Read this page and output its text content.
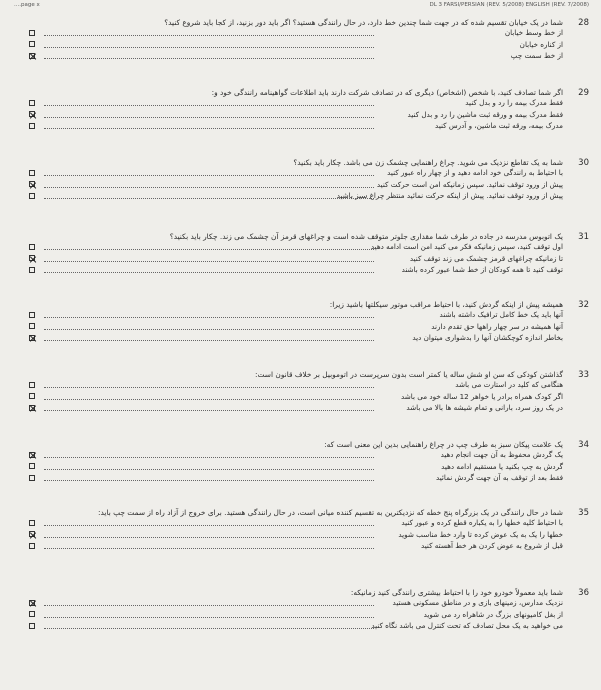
....page x	DL 3 FARSI/PERSIAN (REV. 5/2008) ENGLISH (REV. 7/2008)
28
شما در یک خیابان تقسیم شده که در جهت شما چندین خط دارد، در حال رانندگی هستید؟ اگر باید دور بزنید، از کجا باید شروع کنید؟
از خط وسط خیابان
از کناره خیابان
از خط سمت چپ
29
اگر شما تصادف کنید، با شخص (اشخاص) دیگری که در تصادف شرکت دارند باید اطلاعات گواهینامه رانندگی خود و:
فقط مدرک بیمه را رد و بدل کنید
فقط مدرک بیمه و ورقه ثبت ماشین را رد و بدل کنید
مدرک بیمه، ورقه ثبت ماشین، و آدرس کنید
30
شما به یک تقاطع نزدیک می شوید. چراغ راهنمایی چشمک زن می باشد. چکار باید بکنید؟
با احتیاط به رانندگی خود ادامه دهید و از چهار راه عبور کنید
پیش از ورود توقف نمائید. سپس زمانیکه امن است حرکت کنید
پیش از ورود توقف نمائید. پیش از اینکه حرکت نمائید منتظر چراغ سبز باشید
31
یک اتوبوس مدرسه در جاده در طرف شما مقداری جلوتر متوقف شده است و چراغهای قرمز آن چشمک می زند. چکار باید بکنید؟
اول توقف کنید، سپس زمانیکه فکر می کنید امن است ادامه دهید
تا زمانیکه چراغهای قرمز چشمک می زند توقف کنید
توقف کنید تا همه کودکان از خط شما عبور کرده باشند
32
همیشه پیش از اینکه گردش کنید، با احتیاط مراقب موتور سیکلتها باشید زیرا:
آنها باید یک خط کامل ترافیک داشته باشند
آنها همیشه در سر چهار راهها حق تقدم دارند
بخاطر اندازه کوچکشان آنها را بدشواری میتوان دید
33
گذاشتن کودکی که سن او شش ساله یا کمتر است بدون سرپرست در اتوموبیل بر خلاف قانون است:
هنگامی که کلید در استارت می باشد
اگر کودک همراه برادر یا خواهر 12 ساله خود می باشد
در یک روز سرد، بارانی و تمام شیشه ها بالا می باشد
34
یک علامت پیکان سبز به طرف چپ در چراغ راهنمایی بدین این معنی است که:
یک گردش محفوظ به آن جهت انجام دهید
گردش به چپ بکنید یا مستقیم ادامه دهید
فقط بعد از توقف به آن جهت گردش نمائید
35
شما در حال رانندگی در یک بزرگراه پنج خطه که نزدیکترین به تقسیم کننده میانی است، در حال رانندگی هستید. برای خروج از آزاد راه از سمت چپ باید:
با احتیاط کلیه خطها را به یکباره قطع کرده و عبور کنید
خطها را یک به یک عوض کرده تا وارد خط مناسب شوید
قبل از شروع به عوض کردن هر خط آهسته کنید
36
شما باید معمولاً خودرو خود را با احتیاط بیشتری رانندگی کنید زمانیکه:
نزدیک مدارس، زمینهای بازی و در مناطق مسکونی هستید
از بغل کامیونهای بزرگ در شاهراه رد می شوید
می خواهید به یک محل تصادف که تحت کنترل می باشد نگاه کنید
